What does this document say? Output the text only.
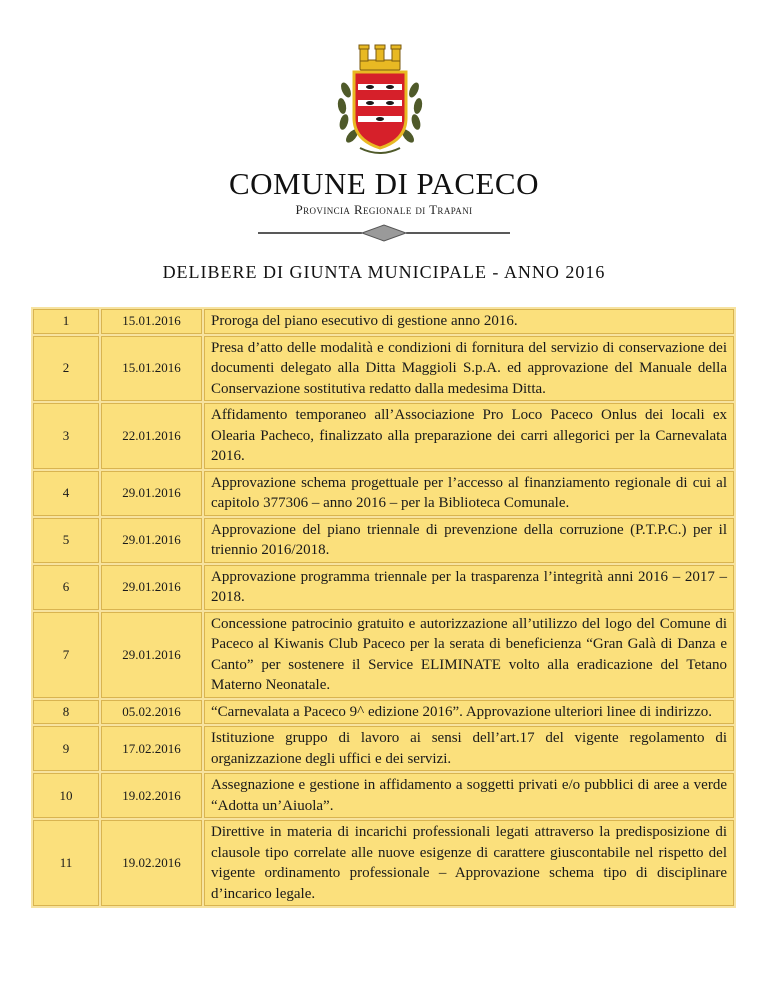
COMUNE DI PACECO
Provincia Regionale di Trapani
DELIBERE DI GIUNTA MUNICIPALE - ANNO 2016
1	15.01.2016	Proroga del piano esecutivo di gestione anno 2016.
2	15.01.2016	Presa d’atto delle modalità e condizioni di fornitura del servizio di conservazione dei documenti delegato alla Ditta Maggioli S.p.A. ed approvazione del Manuale della Conservazione sostitutiva redatto dalla medesima Ditta.
3	22.01.2016	Affidamento temporaneo all’Associazione Pro Loco Paceco Onlus dei locali ex Olearia Pacheco, finalizzato alla preparazione dei carri allegorici per la Carnevalata 2016.
4	29.01.2016	Approvazione schema progettuale per l’accesso al finanziamento regionale di cui al capitolo 377306 – anno 2016 – per la Biblioteca Comunale.
5	29.01.2016	Approvazione del piano triennale di prevenzione della corruzione (P.T.P.C.) per il triennio 2016/2018.
6	29.01.2016	Approvazione programma triennale per la trasparenza l’integrità anni 2016 – 2017 – 2018.
7	29.01.2016	Concessione patrocinio gratuito e autorizzazione all’utilizzo del logo del Comune di Paceco al Kiwanis Club Paceco per la serata di beneficienza “Gran Galà di Danza e Canto” per sostenere il Service ELIMINATE volto alla eradicazione del Tetano Materno Neonatale.
8	05.02.2016	“Carnevalata a Paceco 9^ edizione 2016”. Approvazione ulteriori linee di indirizzo.
9	17.02.2016	Istituzione gruppo di lavoro ai sensi dell’art.17 del vigente regolamento di organizzazione degli uffici e dei servizi.
10	19.02.2016	Assegnazione e gestione in affidamento a soggetti privati e/o pubblici di aree a verde “Adotta un’Aiuola”.
11	19.02.2016	Direttive in materia di incarichi professionali legati attraverso la predisposizione di clausole tipo correlate alle nuove esigenze di carattere giuscontabile nel rispetto del vigente ordinamento professionale – Approvazione schema tipo di disciplinare d’incarico legale.
